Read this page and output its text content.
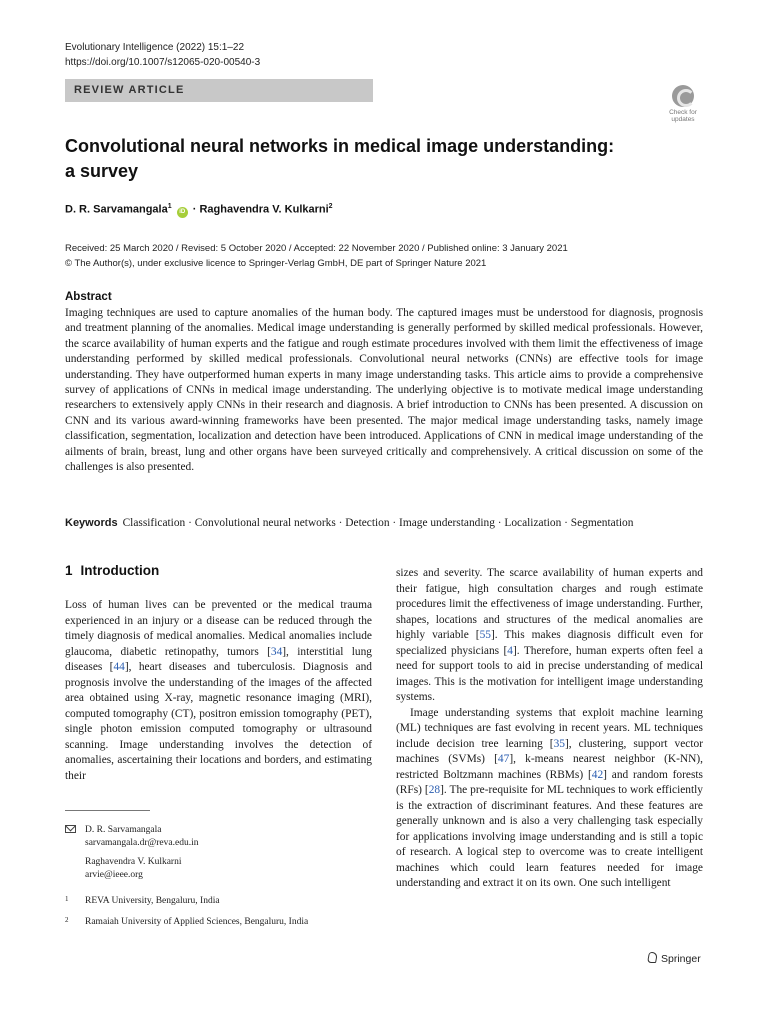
Evolutionary Intelligence (2022) 15:1–22
https://doi.org/10.1007/s12065-020-00540-3
REVIEW ARTICLE
Check for updates
Convolutional neural networks in medical image understanding:
a survey
D. R. Sarvamangala$^1$ iD · Raghavendra V. Kulkarni$^2$
Received: 25 March 2020 / Revised: 5 October 2020 / Accepted: 22 November 2020 / Published online: 3 January 2021
© The Author(s), under exclusive licence to Springer-Verlag GmbH, DE part of Springer Nature 2021
Abstract

Imaging techniques are used to capture anomalies of the human body. The captured images must be understood for diagnosis, prognosis and treatment planning of the anomalies. Medical image understanding is generally performed by skilled medical professionals. However, the scarce availability of human experts and the fatigue and rough estimate procedures involved with them limit the effectiveness of image understanding performed by skilled medical professionals. Convolutional neural networks (CNNs) are effective tools for image understanding. They have outperformed human experts in many image understanding tasks. This article aims to provide a comprehensive survey of applications of CNNs in medical image understanding. The underlying objective is to motivate medical image understanding researchers to extensively apply CNNs in their research and diagnosis. A brief introduction to CNNs has been presented. A discussion on CNN and its various award-winning frameworks have been presented. The major medical image understanding tasks, namely image classification, segmentation, localization and detection have been introduced. Applications of CNN in medical image understanding of the ailments of brain, breast, lung and other organs have been surveyed critically and comprehensively. A critical discussion on some of the challenges is also presented.

Keywords Classification · Convolutional neural networks · Detection · Image understanding · Localization · Segmentation
1 Introduction

Loss of human lives can be prevented or the medical trauma experienced in an injury or a disease can be reduced through the timely diagnosis of medical anomalies. Medical anomalies include glaucoma, diabetic retinopathy, tumors [34], interstitial lung diseases [44], heart diseases and tuberculosis. Diagnosis and prognosis involve the understanding of the images of the affected area obtained using X-ray, magnetic resonance imaging (MRI), computed tomography (CT), positron emission tomography (PET), single photon emission computed tomography or ultrasound scanning. Image understanding involves the detection of anomalies, ascertaining their locations and borders, and estimating their

sizes and severity. The scarce availability of human experts and their fatigue, high consultation charges and rough estimate procedures limit the effectiveness of image understanding. Further, shapes, locations and structures of the medical anomalies are highly variable [55]. This makes diagnosis difficult even for specialized physicians [4]. Therefore, human experts often feel a need for support tools to aid in precise understanding of medical images. This is the motivation for intelligent image understanding systems.

Image understanding systems that exploit machine learning (ML) techniques are fast evolving in recent years. ML techniques include decision tree learning [35], clustering, support vector machines (SVMs) [47], k-means nearest neighbor (K-NN), restricted Boltzmann machines (RBMs) [42] and random forests (RFs) [28]. The pre-requisite for ML techniques to work efficiently is the extraction of discriminant features. And these features are generally unknown and is also a very challenging task especially for applications involving image understanding and is still a topic of research. A logical step to overcome was to create intelligent machines which could learn features needed for image understanding and extract it on its own. One such intelligent

D. R. Sarvamangala
sarvamangala.dr@reva.edu.in
Raghavendra V. Kulkarni
arvie@ieee.org
1 REVA University, Bengaluru, India
2 Ramaiah University of Applied Sciences, Bengaluru, India
Springer
